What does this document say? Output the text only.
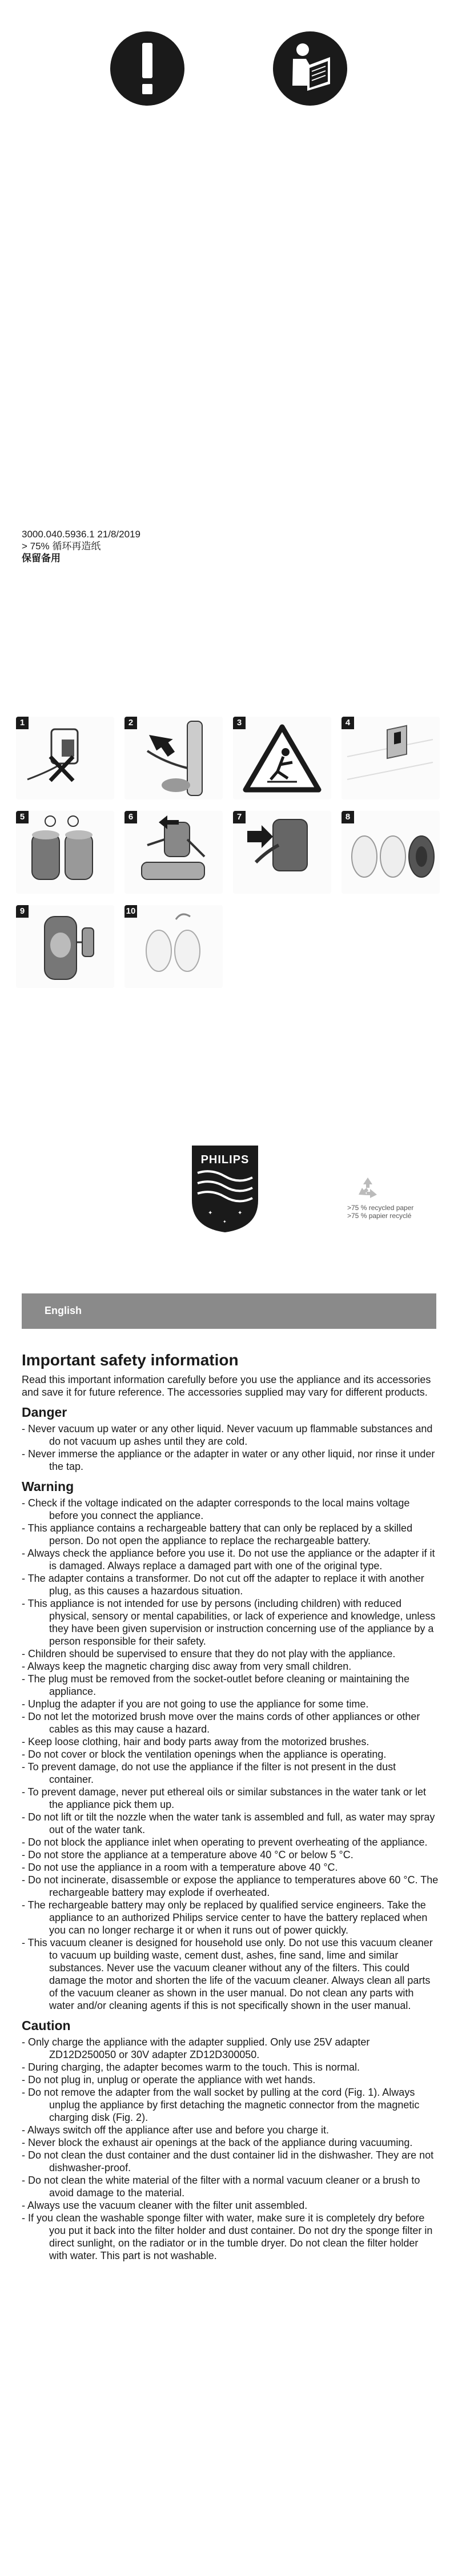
3000.040.5936.1 21/8/2019
> 75% 循环再造纸
保留备用
1	2	3	4
5	6	7	8
9	10
✦	✦
✦
PHILIPS
>75 % recycled paper
>75 % papier recyclé
English
Important safety information

Read this important information carefully before you use the appliance and its accessories and save it for future reference. The accessories supplied may vary for different products.

Danger
- Never vacuum up water or any other liquid. Never vacuum up flammable substances and do not vacuum up ashes until they are cold.
- Never immerse the appliance or the adapter in water or any other liquid, nor rinse it under the tap.
Warning
- Check if the voltage indicated on the adapter corresponds to the local mains voltage before you connect the appliance.
- This appliance contains a rechargeable battery that can only be replaced by a skilled person. Do not open the appliance to replace the rechargeable battery.
- Always check the appliance before you use it. Do not use the appliance or the adapter if it is damaged. Always replace a damaged part with one of the original type.
- The adapter contains a transformer. Do not cut off the adapter to replace it with another plug, as this causes a hazardous situation.
- This appliance is not intended for use by persons (including children) with reduced physical, sensory or mental capabilities, or lack of experience and knowledge, unless they have been given supervision or instruction concerning use of the appliance by a person responsible for their safety.
- Children should be supervised to ensure that they do not play with the appliance.
- Always keep the magnetic charging disc away from very small children.
- The plug must be removed from the socket-outlet before cleaning or maintaining the appliance.
- Unplug the adapter if you are not going to use the appliance for some time.
- Do not let the motorized brush move over the mains cords of other appliances or other cables as this may cause a hazard.
- Keep loose clothing, hair and body parts away from the motorized brushes.
- Do not cover or block the ventilation openings when the appliance is operating.
- To prevent damage, do not use the appliance if the filter is not present in the dust container.
- To prevent damage, never put ethereal oils or similar substances in the water tank or let the appliance pick them up.
- Do not lift or tilt the nozzle when the water tank is assembled and full, as water may spray out of the water tank.
- Do not block the appliance inlet when operating to prevent overheating of the appliance.
- Do not store the appliance at a temperature above 40 °C or below 5 °C.
- Do not use the appliance in a room with a temperature above 40 °C.
- Do not incinerate, disassemble or expose the appliance to temperatures above 60 °C. The rechargeable battery may explode if overheated.
- The rechargeable battery may only be replaced by qualified service engineers. Take the appliance to an authorized Philips service center to have the battery replaced when you can no longer recharge it or when it runs out of power quickly.
- This vacuum cleaner is designed for household use only. Do not use this vacuum cleaner to vacuum up building waste, cement dust, ashes, fine sand, lime and similar substances. Never use the vacuum cleaner without any of the filters. This could damage the motor and shorten the life of the vacuum cleaner. Always clean all parts of the vacuum cleaner as shown in the user manual. Do not clean any parts with water and/or cleaning agents if this is not specifically shown in the user manual.
Caution
- Only charge the appliance with the adapter supplied. Only use 25V adapter ZD12D250050 or 30V adapter ZD12D300050.
- During charging, the adapter becomes warm to the touch. This is normal.
- Do not plug in, unplug or operate the appliance with wet hands.
- Do not remove the adapter from the wall socket by pulling at the cord (Fig. 1). Always unplug the appliance by first detaching the magnetic connector from the magnetic charging disk (Fig. 2).
- Always switch off the appliance after use and before you charge it.
- Never block the exhaust air openings at the back of the appliance during vacuuming.
- Do not clean the dust container and the dust container lid in the dishwasher. They are not dishwasher-proof.
- Do not clean the white material of the filter with a normal vacuum cleaner or a brush to avoid damage to the material.
- Always use the vacuum cleaner with the filter unit assembled.
- If you clean the washable sponge filter with water, make sure it is completely dry before you put it back into the filter holder and dust container. Do not dry the sponge filter in direct sunlight, on the radiator or in the tumble dryer. Do not clean the filter holder with water. This part is not washable.
